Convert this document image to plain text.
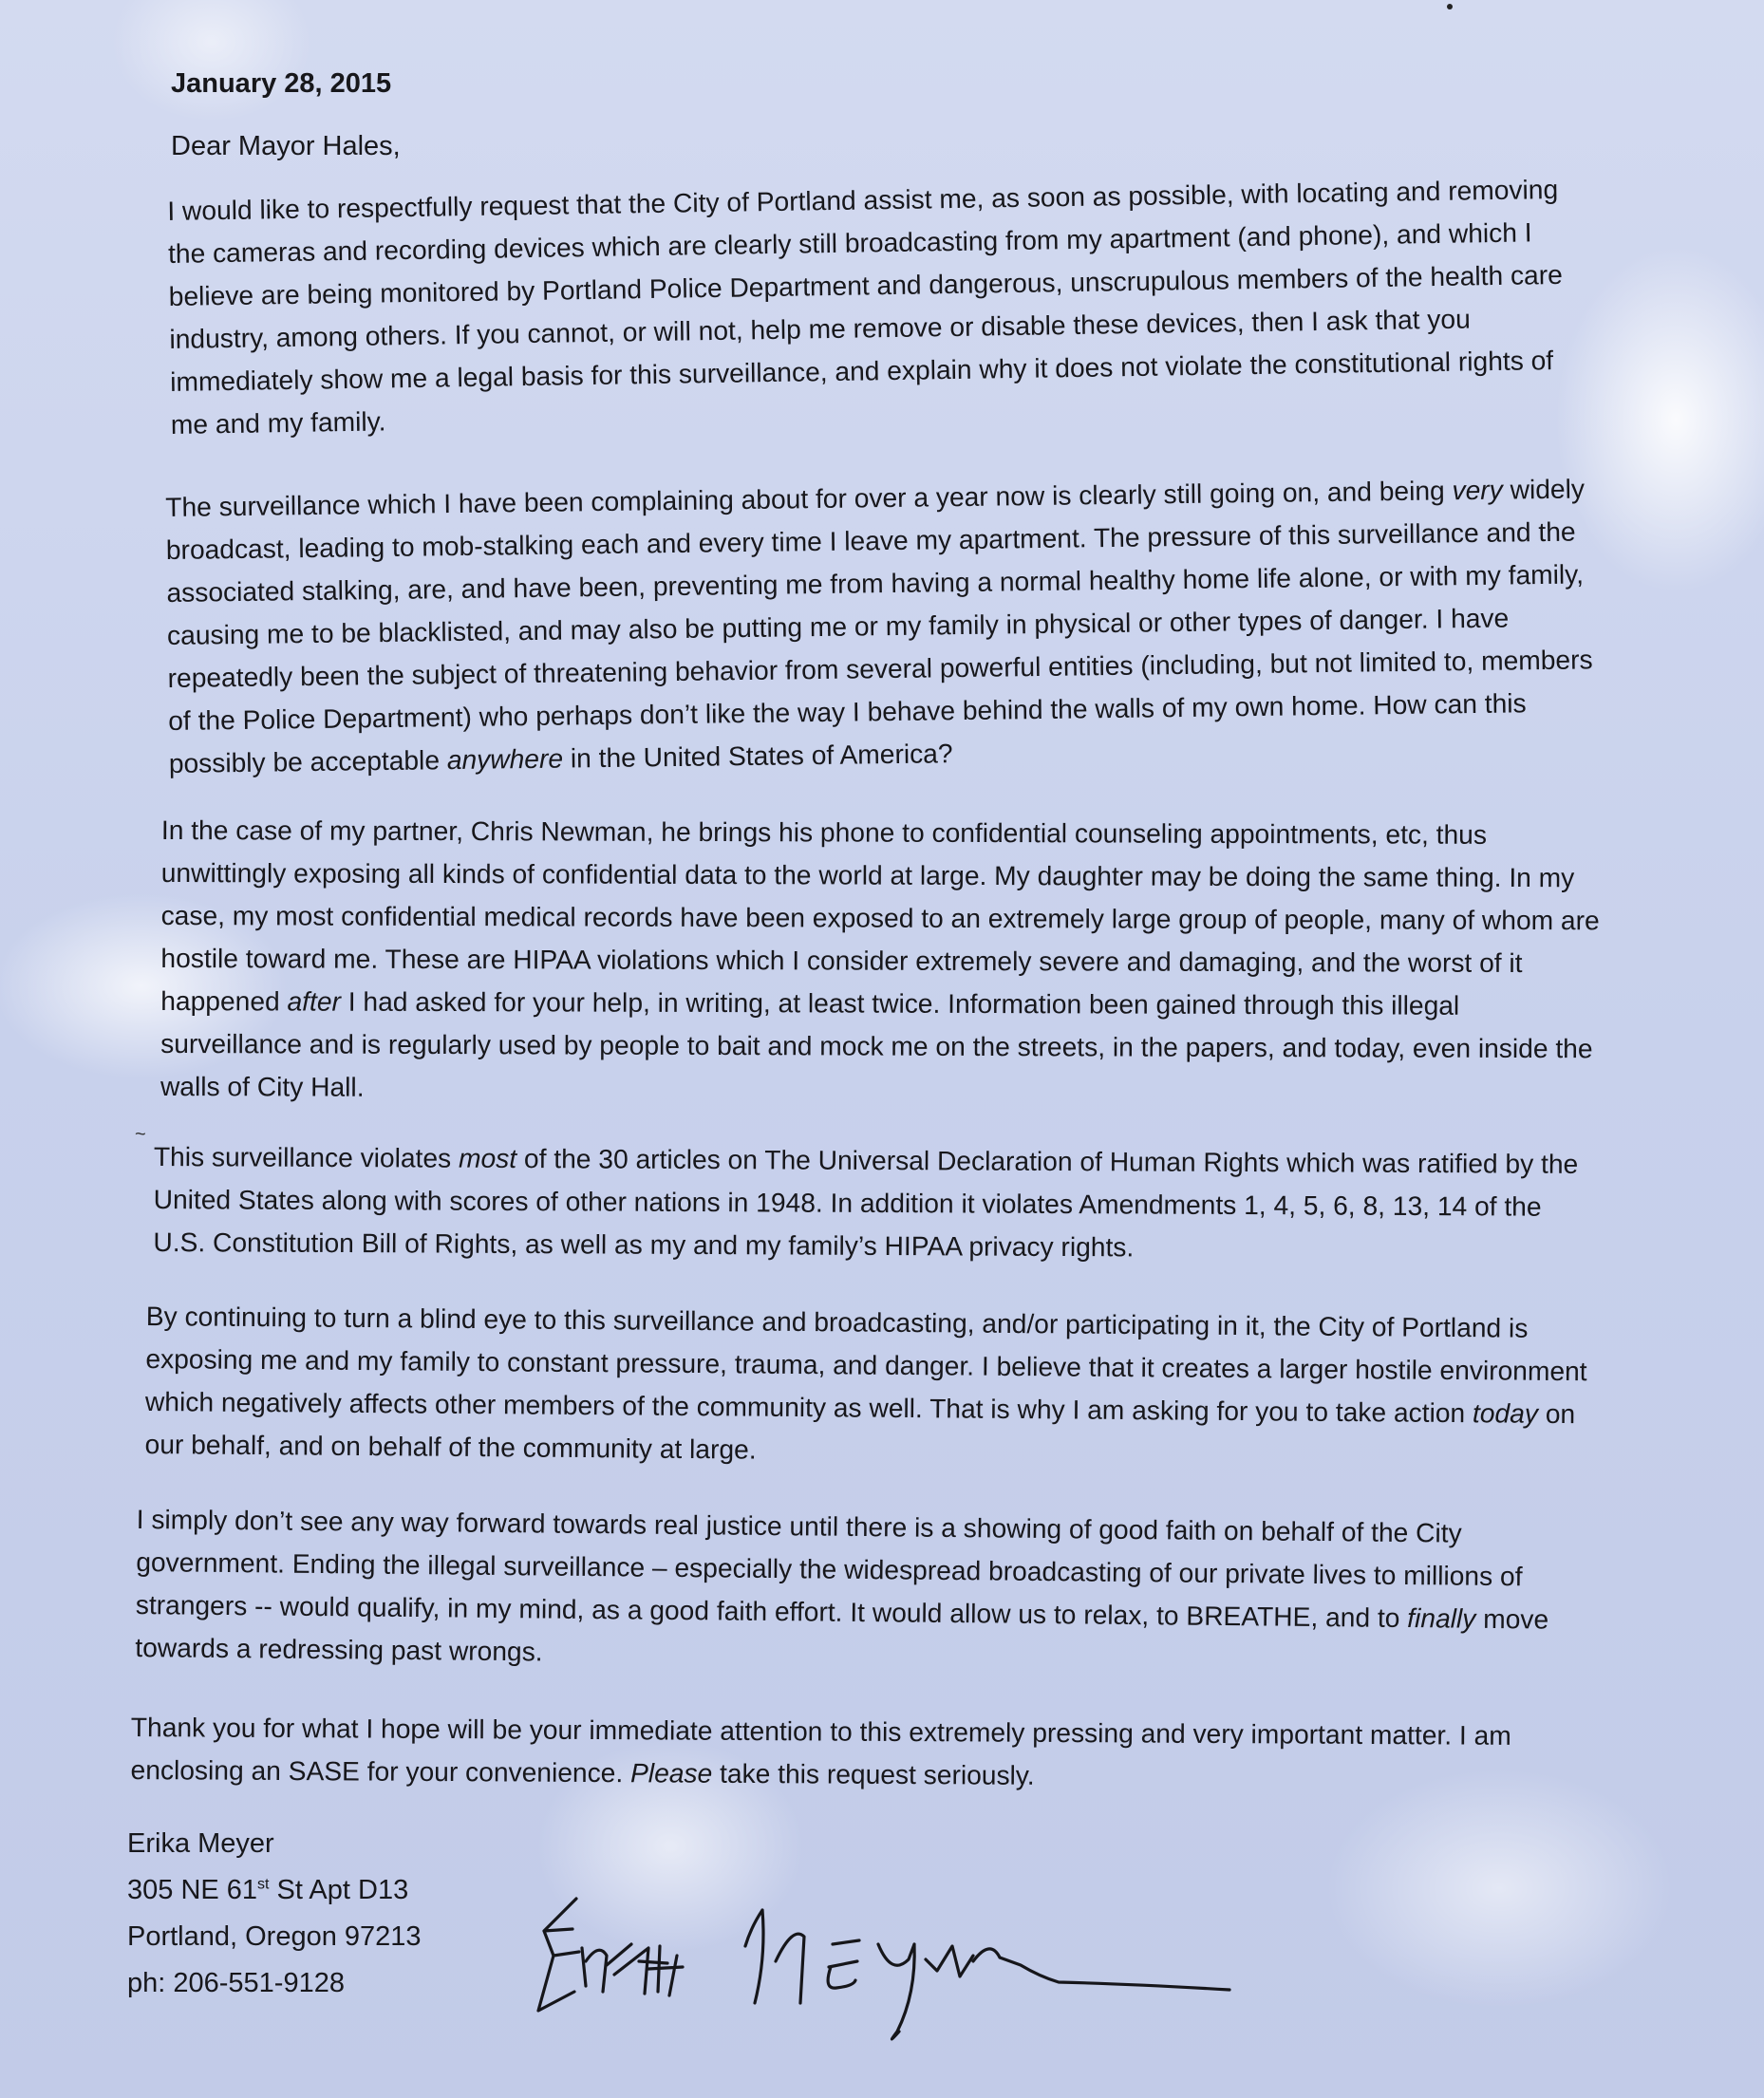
January 28, 2015
Dear Mayor Hales,

I would like to respectfully request that the City of Portland assist me, as soon as possible, with locating and removing the cameras and recording devices which are clearly still broadcasting from my apartment (and phone), and which I believe are being monitored by Portland Police Department and dangerous, unscrupulous members of the health care industry, among others. If you cannot, or will not, help me remove or disable these devices, then I ask that you immediately show me a legal basis for this surveillance, and explain why it does not violate the constitutional rights of me and my family.

The surveillance which I have been complaining about for over a year now is clearly still going on, and being very widely broadcast, leading to mob-stalking each and every time I leave my apartment. The pressure of this surveillance and the associated stalking, are, and have been, preventing me from having a normal healthy home life alone, or with my family, causing me to be blacklisted, and may also be putting me or my family in physical or other types of danger. I have repeatedly been the subject of threatening behavior from several powerful entities (including, but not limited to, members of the Police Department) who perhaps don’t like the way I behave behind the walls of my own home. How can this possibly be acceptable anywhere in the United States of America?

In the case of my partner, Chris Newman, he brings his phone to confidential counseling appointments, etc, thus unwittingly exposing all kinds of confidential data to the world at large. My daughter may be doing the same thing. In my case, my most confidential medical records have been exposed to an extremely large group of people, many of whom are hostile toward me. These are HIPAA violations which I consider extremely severe and damaging, and the worst of it happened after I had asked for your help, in writing, at least twice. Information been gained through this illegal surveillance and is regularly used by people to bait and mock me on the streets, in the papers, and today, even inside the walls of City Hall.

~

This surveillance violates most of the 30 articles on The Universal Declaration of Human Rights which was ratified by the United States along with scores of other nations in 1948. In addition it violates Amendments 1, 4, 5, 6, 8, 13, 14 of the U.S. Constitution Bill of Rights, as well as my and my family’s HIPAA privacy rights.

By continuing to turn a blind eye to this surveillance and broadcasting, and/or participating in it, the City of Portland is exposing me and my family to constant pressure, trauma, and danger. I believe that it creates a larger hostile environment which negatively affects other members of the community as well. That is why I am asking for you to take action today on our behalf, and on behalf of the community at large.

I simply don’t see any way forward towards real justice until there is a showing of good faith on behalf of the City government. Ending the illegal surveillance – especially the widespread broadcasting of our private lives to millions of strangers -- would qualify, in my mind, as a good faith effort. It would allow us to relax, to BREATHE, and to finally move towards a redressing past wrongs.

Thank you for what I hope will be your immediate attention to this extremely pressing and very important matter. I am enclosing an SASE for your convenience. Please take this request seriously.

Erika Meyer
305 NE 61st St Apt D13
Portland, Oregon 97213
ph: 206-551-9128
